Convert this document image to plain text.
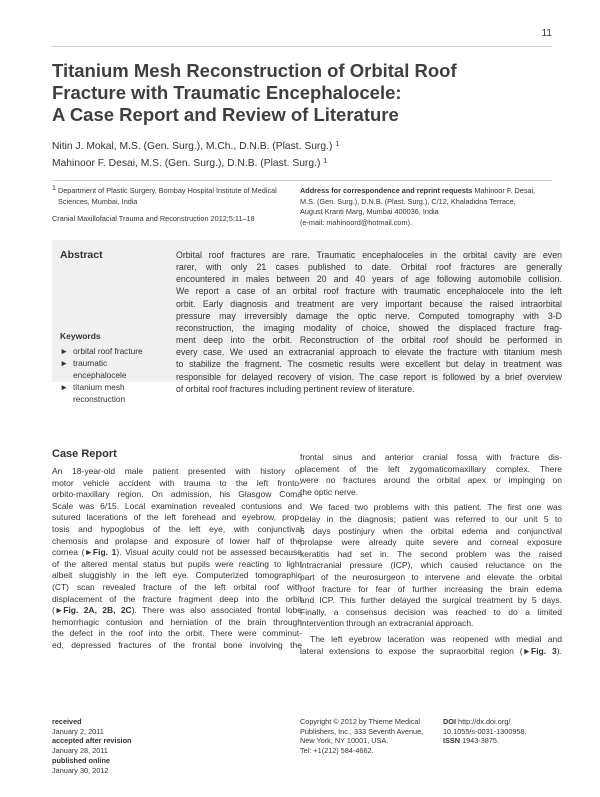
11
Titanium Mesh Reconstruction of Orbital Roof
Fracture with Traumatic Encephalocele:
A Case Report and Review of Literature
Nitin J. Mokal, M.S. (Gen. Surg.), M.Ch., D.N.B. (Plast. Surg.) $^1$
Mahinoor F. Desai, M.S. (Gen. Surg.), D.N.B. (Plast. Surg.) $^1$
$^1$ Department of Plastic Surgery, Bombay Hospital Institute of Medical
Sciences, Mumbai, India
Cranial Maxillofacial Trauma and Reconstruction 2012;5:11–18
Address for correspondence and reprint requests Mahinoor F. Desai,
M.S. (Gen. Surg.), D.N.B. (Plast. Surg.), C/12, Khaladidna Terrace,
August Kranti Marg, Mumbai 400036, India
(e-mail: mahinoord@hotmail.com).
Abstract
Keywords
► orbital roof fracture
► traumatic
encephalocele
► titanium mesh
reconstruction
Orbital roof fractures are rare. Traumatic encephaloceles in the orbital cavity are even
rarer, with only 21 cases published to date. Orbital roof fractures are generally
encountered in males between 20 and 40 years of age following automobile collision.
We report a case of an orbital roof fracture with traumatic encephalocele into the left
orbit. Early diagnosis and treatment are very important because the raised intraorbital
pressure may irreversibly damage the optic nerve. Computed tomography with 3-D
reconstruction, the imaging modality of choice, showed the displaced fracture frag-
ment deep into the orbit. Reconstruction of the orbital roof should be performed in
every case. We used an extracranial approach to elevate the fracture with titanium mesh
to stabilize the fragment. The cosmetic results were excellent but delay in treatment was
responsible for delayed recovery of vision. The case report is followed by a brief overview
of orbital roof fractures including pertinent review of literature.
Case Report
An 18-year-old male patient presented with history of
motor vehicle accident with trauma to the left fronto-
orbito-maxillary region. On admission, his Glasgow Coma
Scale was 6/15. Local examination revealed contusions and
sutured lacerations of the left forehead and eyebrow, prop-
tosis and hypoglobus of the left eye, with conjunctival
chemosis and prolapse and exposure of lower half of the
cornea (►Fig. 1). Visual acuity could not be assessed because
of the altered mental status but pupils were reacting to light
albeit sluggishly in the left eye. Computerized tomographic
(CT) scan revealed fracture of the left orbital roof with
displacement of the fracture fragment deep into the orbit
(►Fig. 2A, 2B, 2C). There was also associated frontal lobe
hemorrhagic contusion and herniation of the brain through
the defect in the roof into the orbit. There were comminut-
ed, depressed fractures of the frontal bone involving the
frontal sinus and anterior cranial fossa with fracture dis-
placement of the left zygomaticomaxillary complex. There
were no fractures around the orbital apex or impinging on
the optic nerve.
We faced two problems with this patient. The first one was
delay in the diagnosis; patient was referred to our unit 5 to
6 days postinjury when the orbital edema and conjunctival
prolapse were already quite severe and corneal exposure
keratitis had set in. The second problem was the raised
intracranial pressure (ICP), which caused reluctance on the
part of the neurosurgeon to intervene and elevate the orbital
roof fracture for fear of further increasing the brain edema
and ICP. This further delayed the surgical treatment by 5 days.
Finally, a consensus decision was reached to do a limited
intervention through an extracranial approach.
The left eyebrow laceration was reopened with medial and
lateral extensions to expose the supraorbital region (►Fig. 3).
received
January 2, 2011
accepted after revision
January 28, 2011
published online
January 30, 2012
Copyright © 2012 by Thieme Medical
Publishers, Inc., 333 Seventh Avenue,
New York, NY 10001, USA.
Tel: +1(212) 584-4662.
DOI http://dx.doi.org/
10.1055/s-0031-1300958.
ISSN 1943-3875.
